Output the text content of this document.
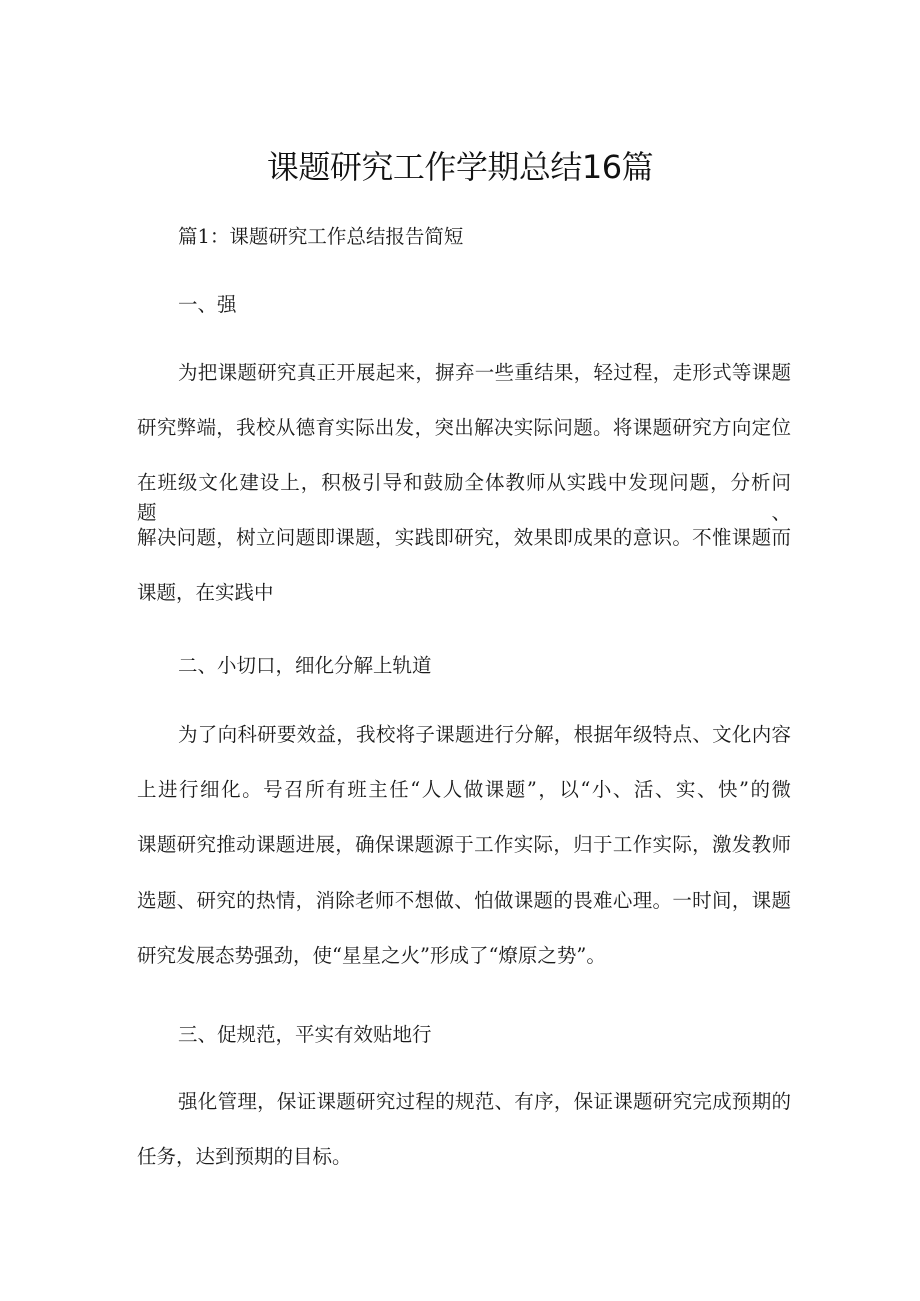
课题研究工作学期总结16篇
篇1：课题研究工作总结报告简短
一、强
为把课题研究真正开展起来，摒弃一些重结果，轻过程，走形式等课题
研究弊端，我校从德育实际出发，突出解决实际问题。将课题研究方向定位
在班级文化建设上，积极引导和鼓励全体教师从实践中发现问题，分析问题、
解决问题，树立问题即课题，实践即研究，效果即成果的意识。不惟课题而
课题，在实践中
二、小切口，细化分解上轨道
为了向科研要效益，我校将子课题进行分解，根据年级特点、文化内容
上进行细化。号召所有班主任“人人做课题”，以“小、活、实、快”的微
课题研究推动课题进展，确保课题源于工作实际，归于工作实际，激发教师
选题、研究的热情，消除老师不想做、怕做课题的畏难心理。一时间，课题
研究发展态势强劲，使“星星之火”形成了“燎原之势”。
三、促规范，平实有效贴地行
强化管理，保证课题研究过程的规范、有序，保证课题研究完成预期的
任务，达到预期的目标。
